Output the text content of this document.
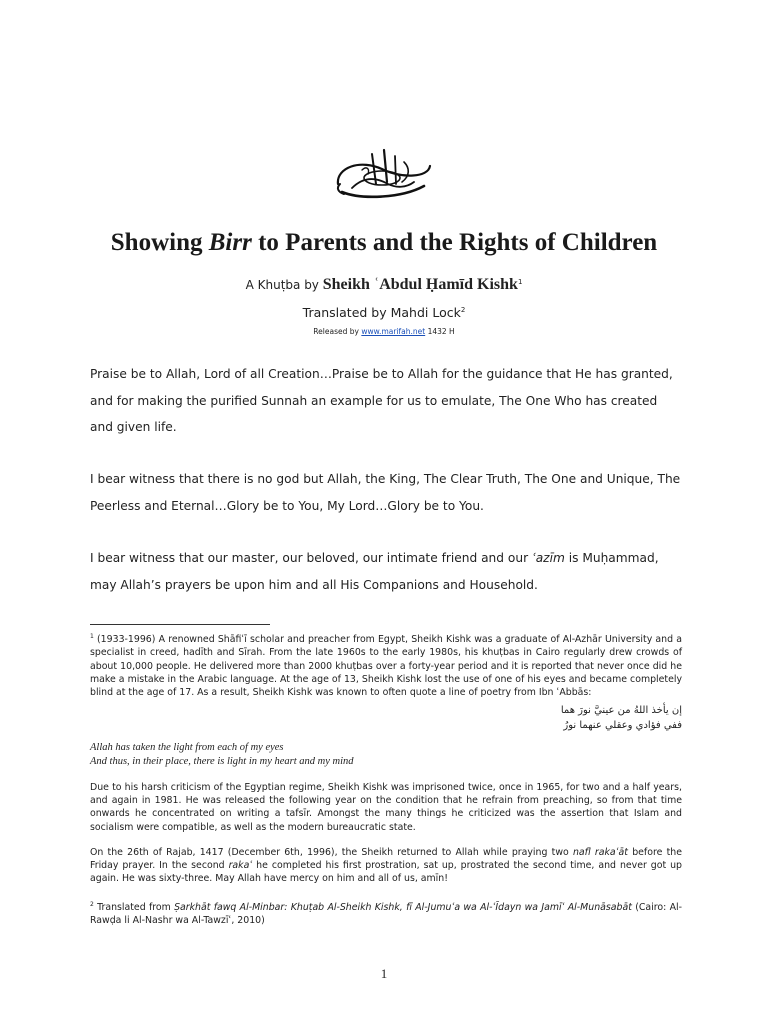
Showing Birr to Parents and the Rights of Children
A Khuṭba by Sheikh ʿAbdul Ḥamīd Kishk$^1$
Translated by Mahdi Lock$^2$
Released by www.marifah.net 1432 H

Praise be to Allah, Lord of all Creation…Praise be to Allah for the guidance that He has granted, and for making the purified Sunnah an example for us to emulate, The One Who has created and given life.

I bear witness that there is no god but Allah, the King, The Clear Truth, The One and Unique, The Peerless and Eternal…Glory be to You, My Lord…Glory be to You.

I bear witness that our master, our beloved, our intimate friend and our ʿazīm is Muḥammad, may Allah’s prayers be upon him and all His Companions and Household.

$^1$ (1933-1996) A renowned Shāfiʿī scholar and preacher from Egypt, Sheikh Kishk was a graduate of Al-Azhār University and a specialist in creed, hadīth and Sīrah. From the late 1960s to the early 1980s, his khuṭbas in Cairo regularly drew crowds of about 10,000 people. He delivered more than 2000 khuṭbas over a forty-year period and it is reported that never once did he make a mistake in the Arabic language. At the age of 13, Sheikh Kishk lost the use of one of his eyes and became completely blind at the age of 17. As a result, Sheikh Kishk was known to often quote a line of poetry from Ibn ʿAbbās:

إن يأخذ اللهُ من عينيَّ نورَ هما
ففي فؤادي وعقلي عنهما نورُ
Allah has taken the light from each of my eyes
And thus, in their place, there is light in my heart and my mind

Due to his harsh criticism of the Egyptian regime, Sheikh Kishk was imprisoned twice, once in 1965, for two and a half years, and again in 1981. He was released the following year on the condition that he refrain from preaching, so from that time onwards he concentrated on writing a tafsīr. Amongst the many things he criticized was the assertion that Islam and socialism were compatible, as well as the modern bureaucratic state.

On the 26th of Rajab, 1417 (December 6th, 1996), the Sheikh returned to Allah while praying two nafl rakaʿāt before the Friday prayer. In the second rakaʿ he completed his first prostration, sat up, prostrated the second time, and never got up again. He was sixty-three. May Allah have mercy on him and all of us, amīn!

$^2$ Translated from Ṣarkhāt fawq Al-Minbar: Khuṭab Al-Sheikh Kishk, fī Al-Jumuʿa wa Al-ʿĪdayn wa Jamīʿ Al-Munāsabāt (Cairo: Al-Rawḍa li Al-Nashr wa Al-Tawzīʿ, 2010)

1
